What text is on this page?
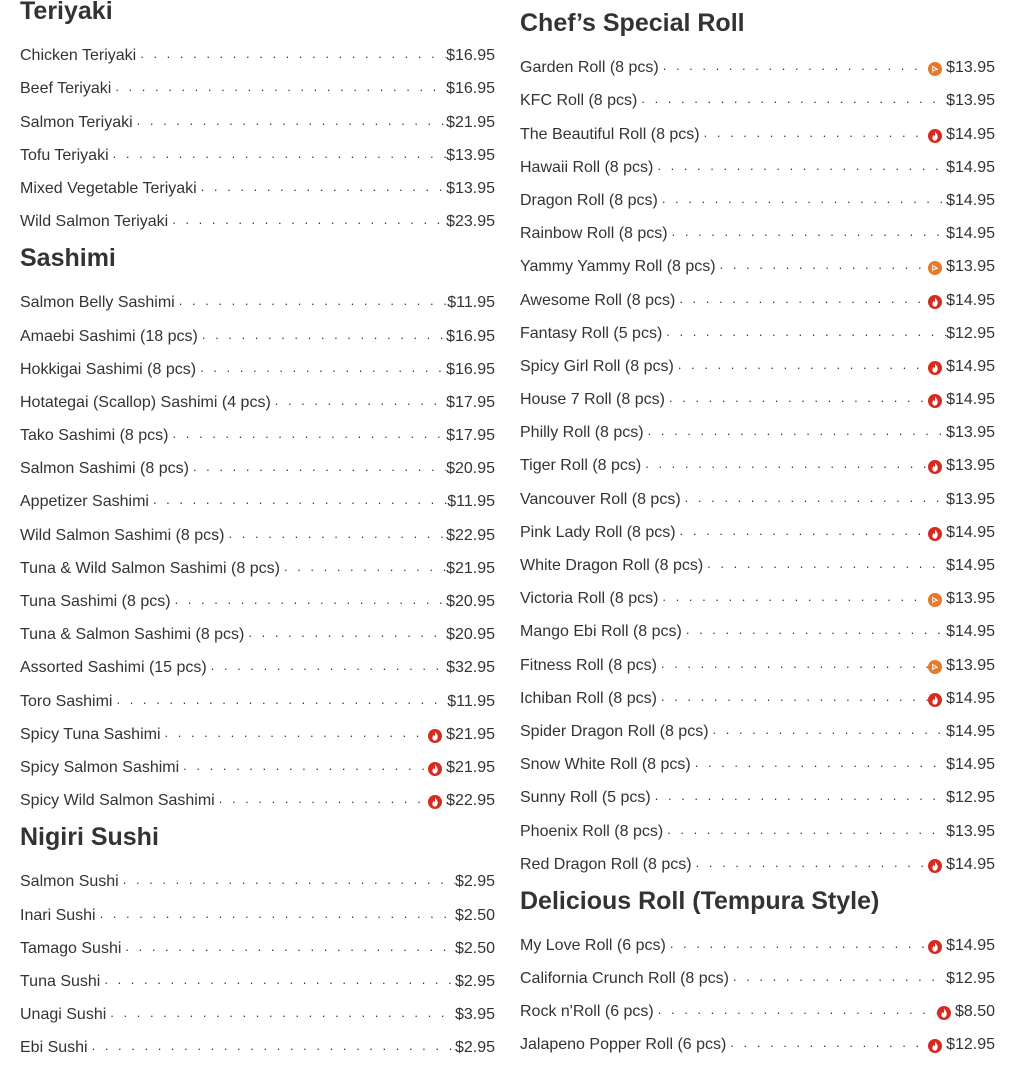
Teriyaki
Chicken Teriyaki . . .	$16.95
Beef Teriyaki . . .	$16.95
Salmon Teriyaki . . .	$21.95
Tofu Teriyaki . . .	$13.95
Mixed Vegetable Teriyaki . . .	$13.95
Wild Salmon Teriyaki . . .	$23.95
Sashimi
Salmon Belly Sashimi . . .	$11.95
Amaebi Sashimi (18 pcs) . . .	$16.95
Hokkigai Sashimi (8 pcs) . . .	$16.95
Hotategai (Scallop) Sashimi (4 pcs) . . .	$17.95
Tako Sashimi (8 pcs) . . .	$17.95
Salmon Sashimi (8 pcs) . . .	$20.95
Appetizer Sashimi . . .	$11.95
Wild Salmon Sashimi (8 pcs) . . .	$22.95
Tuna & Wild Salmon Sashimi (8 pcs) . . .	$21.95
Tuna Sashimi (8 pcs) . . .	$20.95
Tuna & Salmon Sashimi (8 pcs) . . .	$20.95
Assorted Sashimi (15 pcs) . . .	$32.95
Toro Sashimi . . .	$11.95
Spicy Tuna Sashimi . . .	$21.95
Spicy Salmon Sashimi . . .	$21.95
Spicy Wild Salmon Sashimi . . .	$22.95
Nigiri Sushi
Salmon Sushi . . .	$2.95
Inari Sushi . . .	$2.50
Tamago Sushi . . .	$2.50
Tuna Sushi . . .	$2.95
Unagi Sushi . . .	$3.95
Ebi Sushi . . .	$2.95
Chef’s Special Roll
Garden Roll (8 pcs) . . .	$13.95
KFC Roll (8 pcs) . . .	$13.95
The Beautiful Roll (8 pcs) . . .	$14.95
Hawaii Roll (8 pcs) . . .	$14.95
Dragon Roll (8 pcs) . . .	$14.95
Rainbow Roll (8 pcs) . . .	$14.95
Yammy Yammy Roll (8 pcs) . . .	$13.95
Awesome Roll (8 pcs) . . .	$14.95
Fantasy Roll (5 pcs) . . .	$12.95
Spicy Girl Roll (8 pcs) . . .	$14.95
House 7 Roll (8 pcs) . . .	$14.95
Philly Roll (8 pcs) . . .	$13.95
Tiger Roll (8 pcs) . . .	$13.95
Vancouver Roll (8 pcs) . . .	$13.95
Pink Lady Roll (8 pcs) . . .	$14.95
White Dragon Roll (8 pcs) . . .	$14.95
Victoria Roll (8 pcs) . . .	$13.95
Mango Ebi Roll (8 pcs) . . .	$14.95
Fitness Roll (8 pcs) . . .	$13.95
Ichiban Roll (8 pcs) . . .	$14.95
Spider Dragon Roll (8 pcs) . . .	$14.95
Snow White Roll (8 pcs) . . .	$14.95
Sunny Roll (5 pcs) . . .	$12.95
Phoenix Roll (8 pcs) . . .	$13.95
Red Dragon Roll (8 pcs) . . .	$14.95
Delicious Roll (Tempura Style)
My Love Roll (6 pcs) . . .	$14.95
California Crunch Roll (8 pcs) . . .	$12.95
Rock n'Roll (6 pcs) . . .	$8.50
Jalapeno Popper Roll (6 pcs) . . .	$12.95
